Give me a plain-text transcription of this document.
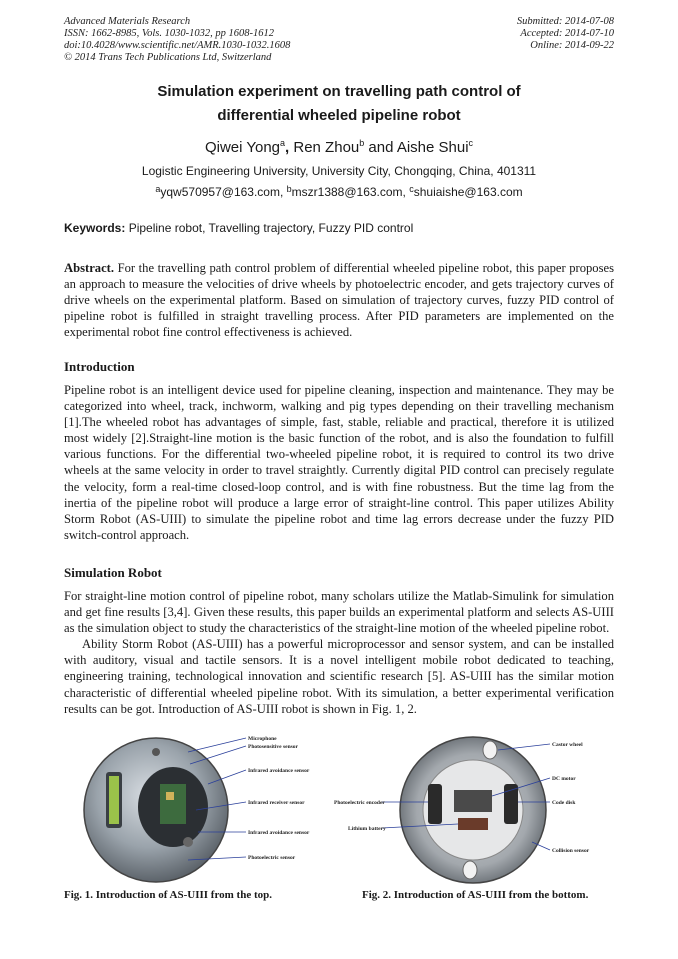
Advanced Materials Research
ISSN: 1662-8985, Vols. 1030-1032, pp 1608-1612
doi:10.4028/www.scientific.net/AMR.1030-1032.1608
© 2014 Trans Tech Publications Ltd, Switzerland
Submitted: 2014-07-08
Accepted: 2014-07-10
Online: 2014-09-22
Simulation experiment on travelling path control of
differential wheeled pipeline robot
Qiwei Yong$^a$, Ren Zhou$^b$ and Aishe Shui$^c$
Logistic Engineering University, University City, Chongqing, China, 401311
$^a$yqw570957@163.com, $^b$mszr1388@163.com, $^c$shuiaishe@163.com
Keywords: Pipeline robot, Travelling trajectory, Fuzzy PID control
Abstract. For the travelling path control problem of differential wheeled pipeline robot, this paper proposes an approach to measure the velocities of drive wheels by photoelectric encoder, and gets trajectory curves of drive wheels on the experimental platform. Based on simulation of trajectory curves, fuzzy PID control of pipeline robot is fulfilled in straight travelling process. After PID parameters are implemented on the experimental robot fine control effectiveness is achieved.
Introduction
Pipeline robot is an intelligent device used for pipeline cleaning, inspection and maintenance. They may be categorized into wheel, track, inchworm, walking and pig types depending on their travelling mechanism [1].The wheeled robot has advantages of simple, fast, stable, reliable and practical, therefore it is utilized most widely [2].Straight-line motion is the basic function of the robot, and is also the foundation to fulfill various functions. For the differential two-wheeled pipeline robot, it is required to control its two drive wheels at the same velocity in order to travel straightly. Currently digital PID control can precisely regulate the velocity, form a real-time closed-loop control, and is with fine robustness. But the time lag from the inertia of the pipeline robot will produce a large error of straight-line control. This paper utilizes Ability Storm Robot (AS-UIII) to simulate the pipeline robot and time lag errors decrease under the fuzzy PID switch-control approach.
Simulation Robot
For straight-line motion control of pipeline robot, many scholars utilize the Matlab-Simulink for simulation and get fine results [3,4]. Given these results, this paper builds an experimental platform and selects AS-UIII as the simulation object to study the characteristics of the straight-line motion of the wheeled pipeline robot.
Ability Storm Robot (AS-UIII) has a powerful microprocessor and sensor system, and can be installed with auditory, visual and tactile sensors. It is a novel intelligent mobile robot dedicated to teaching, engineering training, technological innovation and scientific research [5]. AS-UIII has the similar motion characteristic of differential wheeled pipeline robot. With its simulation, a better experimental verification results can be got. Introduction of AS-UIII robot is shown in Fig. 1, 2.
Microphone
Photosensitive sensor
Infrared avoidance sensor
Infrared receiver sensor
Infrared avoidance sensor
Photoelectric sensor
Castor wheel
DC motor
Code disk
Photoelectric encoder
Lithium battery
Collision sensor
Fig. 1. Introduction of AS-UIII from the top.	Fig. 2. Introduction of AS-UIII from the bottom.
